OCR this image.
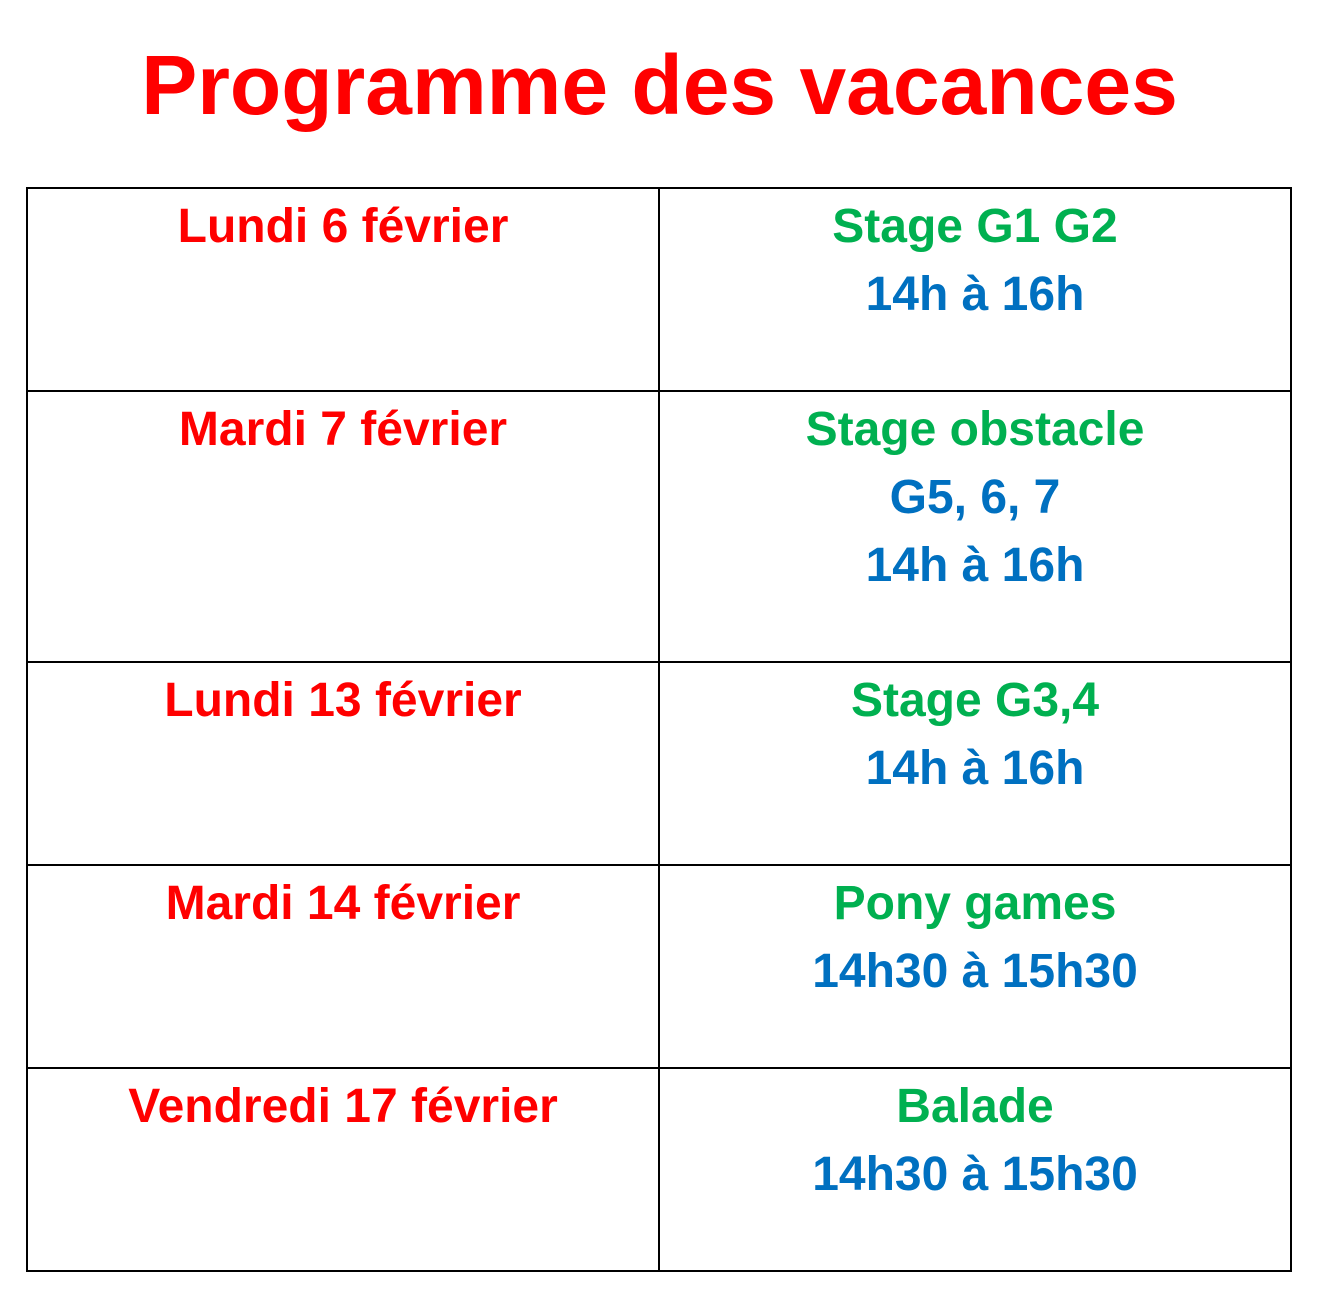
Programme des vacances
Lundi 6 février	Stage G1 G2
14h à 16h

Mardi 7 février	Stage obstacle
G5, 6, 7
14h à 16h

Lundi 13 février	Stage G3,4
14h à 16h

Mardi 14 février	Pony games
14h30 à 15h30

Vendredi 17 février	Balade
14h30 à 15h30
